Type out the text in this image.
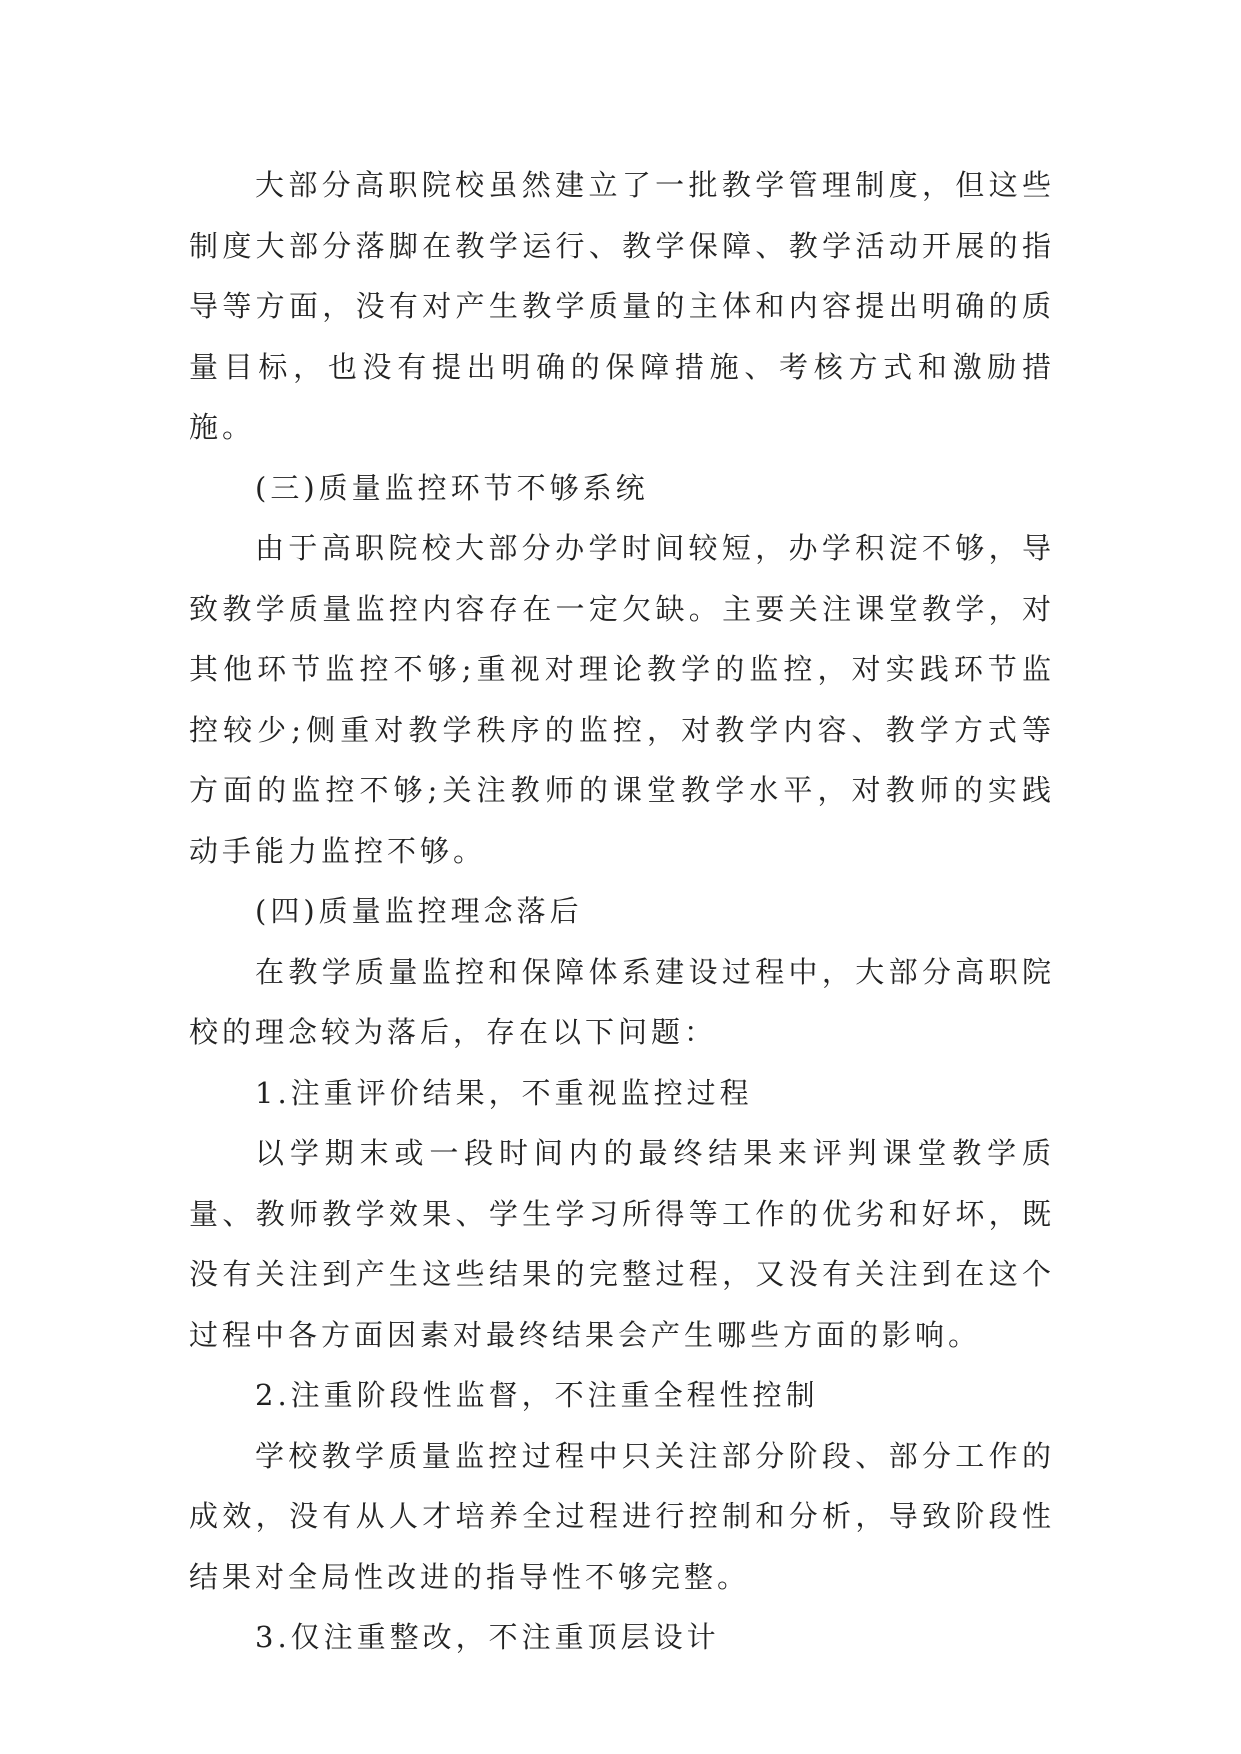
大部分高职院校虽然建立了一批教学管理制度，但这些制度大部分落脚在教学运行、教学保障、教学活动开展的指导等方面，没有对产生教学质量的主体和内容提出明确的质量目标，也没有提出明确的保障措施、考核方式和激励措施。

(三)质量监控环节不够系统

由于高职院校大部分办学时间较短，办学积淀不够，导致教学质量监控内容存在一定欠缺。主要关注课堂教学，对其他环节监控不够;重视对理论教学的监控，对实践环节监控较少;侧重对教学秩序的监控，对教学内容、教学方式等方面的监控不够;关注教师的课堂教学水平，对教师的实践动手能力监控不够。

(四)质量监控理念落后

在教学质量监控和保障体系建设过程中，大部分高职院校的理念较为落后，存在以下问题：

1.注重评价结果，不重视监控过程

以学期末或一段时间内的最终结果来评判课堂教学质量、教师教学效果、学生学习所得等工作的优劣和好坏，既没有关注到产生这些结果的完整过程，又没有关注到在这个过程中各方面因素对最终结果会产生哪些方面的影响。

2.注重阶段性监督，不注重全程性控制

学校教学质量监控过程中只关注部分阶段、部分工作的成效，没有从人才培养全过程进行控制和分析，导致阶段性结果对全局性改进的指导性不够完整。

3.仅注重整改，不注重顶层设计
